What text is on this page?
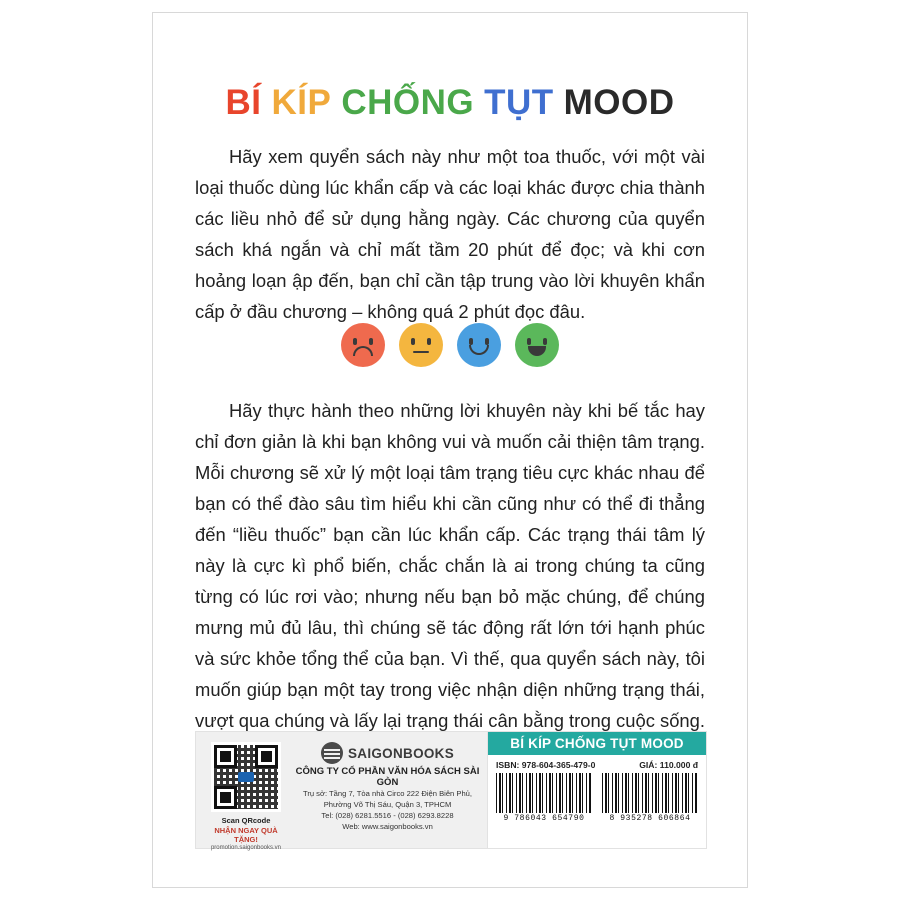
BÍ KÍP CHỐNG TỤT MOOD
Hãy xem quyển sách này như một toa thuốc, với một vài loại thuốc dùng lúc khẩn cấp và các loại khác được chia thành các liều nhỏ để sử dụng hằng ngày. Các chương của quyển sách khá ngắn và chỉ mất tầm 20 phút để đọc; và khi cơn hoảng loạn ập đến, bạn chỉ cần tập trung vào lời khuyên khẩn cấp ở đầu chương – không quá 2 phút đọc đâu.
Hãy thực hành theo những lời khuyên này khi bế tắc hay chỉ đơn giản là khi bạn không vui và muốn cải thiện tâm trạng. Mỗi chương sẽ xử lý một loại tâm trạng tiêu cực khác nhau để bạn có thể đào sâu tìm hiểu khi cần cũng như có thể đi thẳng đến “liều thuốc” bạn cần lúc khẩn cấp. Các trạng thái tâm lý này là cực kì phổ biến, chắc chắn là ai trong chúng ta cũng từng có lúc rơi vào; nhưng nếu bạn bỏ mặc chúng, để chúng mưng mủ đủ lâu, thì chúng sẽ tác động rất lớn tới hạnh phúc và sức khỏe tổng thể của bạn. Vì thế, qua quyển sách này, tôi muốn giúp bạn một tay trong việc nhận diện những trạng thái, vượt qua chúng và lấy lại trạng thái cân bằng trong cuộc sống.
Scan QRcode
NHẬN NGAY QUÀ TẶNG!
promotion.saigonbooks.vn
SAIGONBOOKS
CÔNG TY CỔ PHẦN VĂN HÓA SÁCH SÀI GÒN
Trụ sở: Tầng 7, Tòa nhà Circo 222 Điện Biên Phủ,
Phường Võ Thị Sáu, Quận 3, TPHCM
Tel: (028) 6281.5516 - (028) 6293.8228
Web: www.saigonbooks.vn
BÍ KÍP CHỐNG TỤT MOOD
ISBN: 978-604-365-479-0	GIÁ: 110.000 đ
9 786043 654790	8 935278 606864
